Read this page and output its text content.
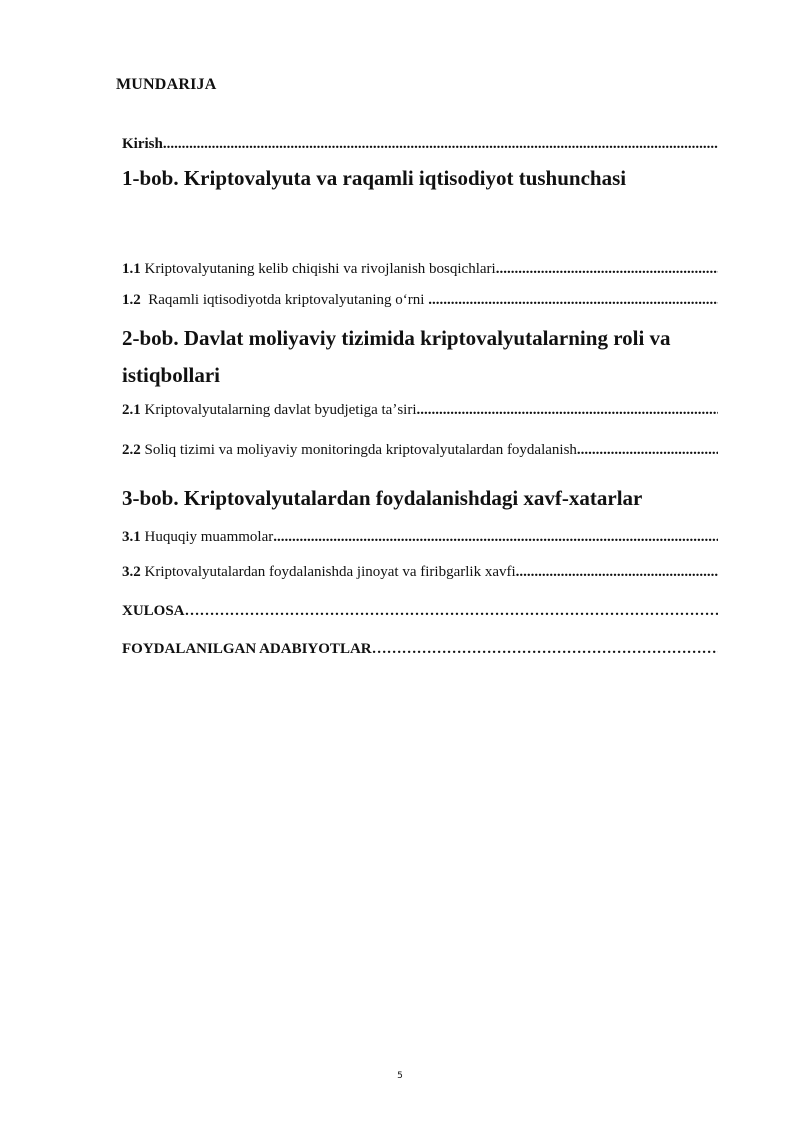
MUNDARIJA
Kirish
.....
1-bob. Kriptovalyuta va raqamli iqtisodiyot tushunchasi
1.1
Kriptovalyutaning kelib chiqishi va rivojlanish bosqichlari
.....
1.2
Raqamli iqtisodiyotda kriptovalyutaning oʻrni

.....
2-bob. Davlat moliyaviy tizimida kriptovalyutalarning roli va istiqbollari
2.1
Kriptovalyutalarning davlat byudjetiga taʼsiri
.....
2.2
Soliq tizimi va moliyaviy monitoringda kriptovalyutalardan foydalanish
.....
3-bob. Kriptovalyutalardan foydalanishdagi xavf-xatarlar
3.1
Huquqiy muammolar
.....
3.2
Kriptovalyutalardan foydalanishda jinoyat va firibgarlik xavfi
.....
XULOSA
………………………………………………………………………………………………………………
FOYDALANILGAN ADABIYOTLAR
………………………………………………………………………………………………………………
5
